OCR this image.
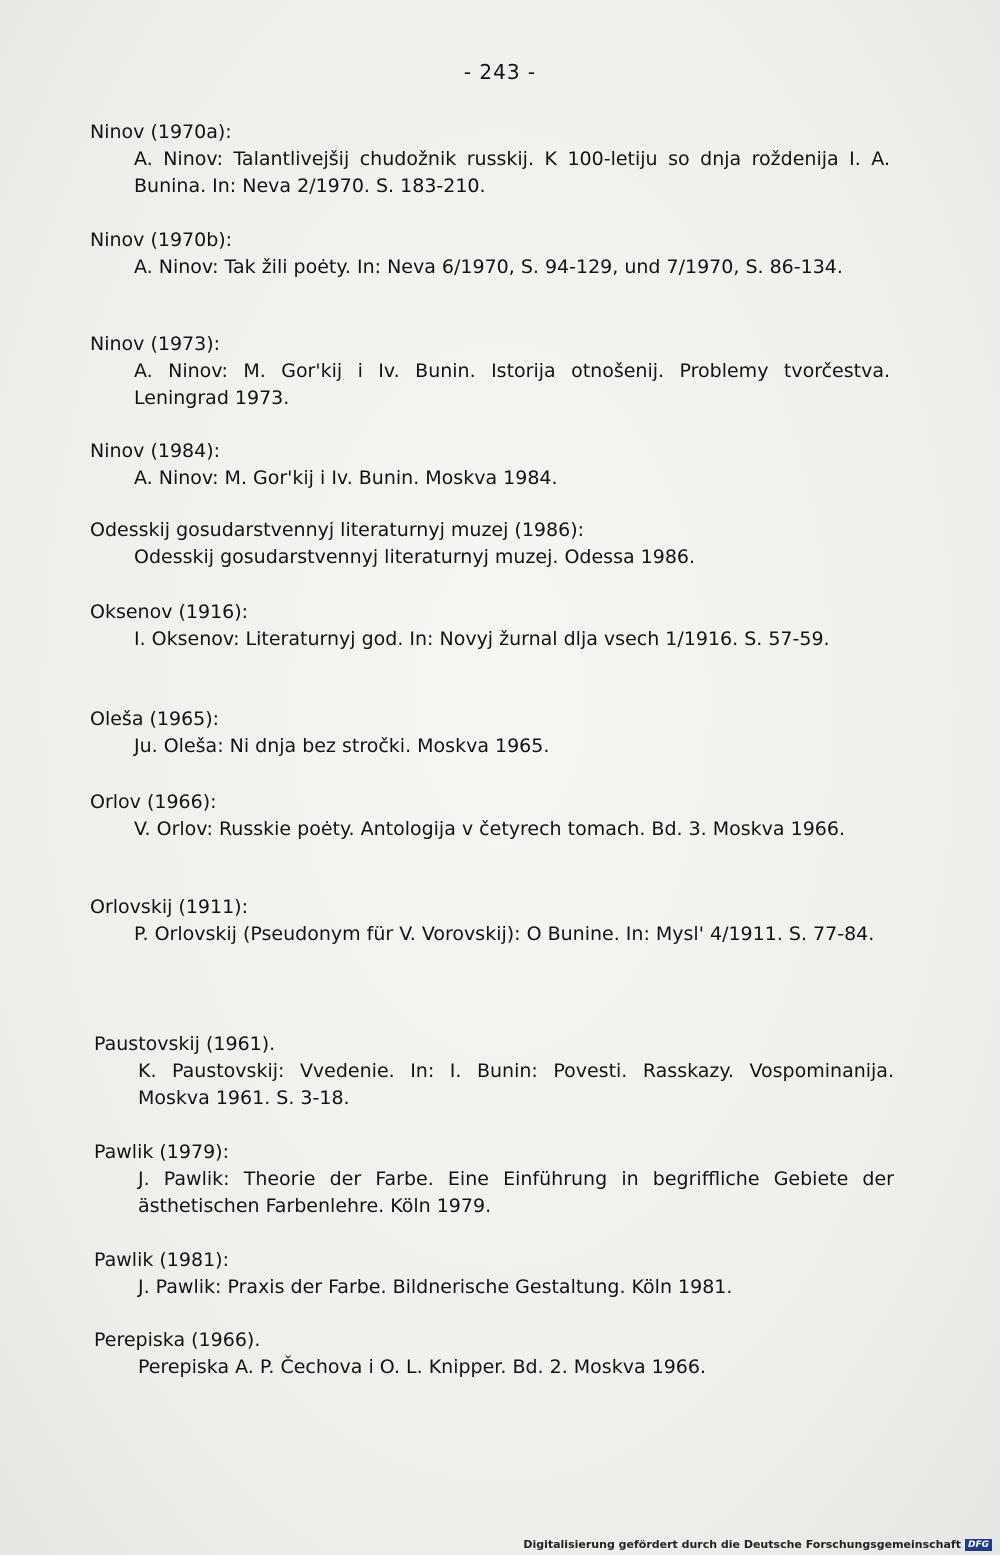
- 243 -

Ninov (1970a):

A. Ninov: Talantlivejšij chudožnik russkij. K 100-letiju so dnja roždenija I. A. Bunina. In: Neva 2/1970. S. 183-210.

Ninov (1970b):

A. Ninov: Tak žili poėty. In: Neva 6/1970, S. 94-129, und 7/1970, S. 86-134.

Ninov (1973):

A. Ninov: M. Gor'kij i Iv. Bunin. Istorija otnošenij. Problemy tvorčestva. Leningrad 1973.

Ninov (1984):

A. Ninov: M. Gor'kij i Iv. Bunin. Moskva 1984.

Odesskij gosudarstvennyj literaturnyj muzej (1986):

Odesskij gosudarstvennyj literaturnyj muzej. Odessa 1986.

Oksenov (1916):

I. Oksenov: Literaturnyj god. In: Novyj žurnal dlja vsech 1/1916. S. 57-59.

Oleša (1965):

Ju. Oleša: Ni dnja bez stročki. Moskva 1965.

Orlov (1966):

V. Orlov: Russkie poėty. Antologija v četyrech tomach. Bd. 3. Moskva 1966.

Orlovskij (1911):

P. Orlovskij (Pseudonym für V. Vorovskij): O Bunine. In: Mysl' 4/1911. S. 77-84.

Paustovskij (1961).

K. Paustovskij: Vvedenie. In: I. Bunin: Povesti. Rasskazy. Vospominanija. Moskva 1961. S. 3-18.

Pawlik (1979):

J. Pawlik: Theorie der Farbe. Eine Einführung in begriffliche Gebiete der ästhetischen Farbenlehre. Köln 1979.

Pawlik (1981):

J. Pawlik: Praxis der Farbe. Bildnerische Gestaltung. Köln 1981.

Perepiska (1966).

Perepiska A. P. Čechova i O. L. Knipper. Bd. 2. Moskva 1966.

Digitalisierung gefördert durch die Deutsche Forschungsgemeinschaft DFG
